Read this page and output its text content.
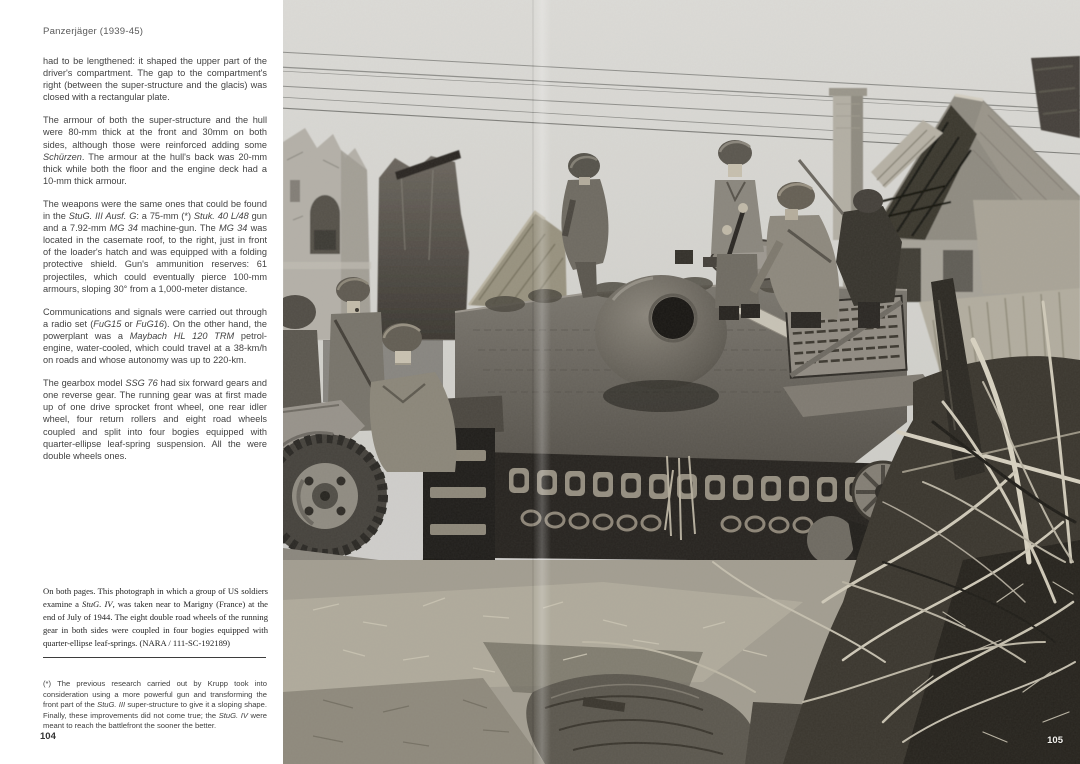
Panzerjäger (1939-45)

had to be lengthened: it shaped the upper part of the driver's compartment. The gap to the compartment's right (between the super-structure and the glacis) was closed with a rectangular plate.

The armour of both the super-structure and the hull were 80-mm thick at the front and 30mm on both sides, although those were reinforced adding some Schürzen. The armour at the hull's back was 20-mm thick while both the floor and the engine deck had a 10-mm thick armour.

The weapons were the same ones that could be found in the StuG. III Ausf. G: a 75-mm (*) Stuk. 40 L/48 gun and a 7.92-mm MG 34 machine-gun. The MG 34 was located in the casemate roof, to the right, just in front of the loader's hatch and was equipped with a folding protective shield. Gun's ammunition reserves: 61 projectiles, which could eventually pierce 100-mm armours, sloping 30° from a 1,000-meter distance.

Communications and signals were carried out through a radio set (FuG15 or FuG16). On the other hand, the powerplant was a Maybach HL 120 TRM petrol-engine, water-cooled, which could travel at a 38-km/h on roads and whose autonomy was up to 220-km.

The gearbox model SSG 76 had six forward gears and one reverse gear. The running gear was at first made up of one drive sprocket front wheel, one rear idler wheel, four return rollers and eight road wheels coupled and split into four bogies equipped with quarter-ellipse leaf-spring suspension. All the were double wheels ones.

On both pages. This photograph in which a group of US soldiers examine a StuG. IV, was taken near to Marigny (France) at the end of July of 1944. The eight double road wheels of the running gear in both sides were coupled in four bogies equipped with quarter-ellipse leaf-springs. (NARA / 111-SC-192189)
(*) The previous research carried out by Krupp took into consideration using a more powerful gun and transforming the front part of the StuG. III super-structure to give it a sloping shape. Finally, these improvements did not come true; the StuG. IV were meant to reach the battlefront the sooner the better.
104	105
